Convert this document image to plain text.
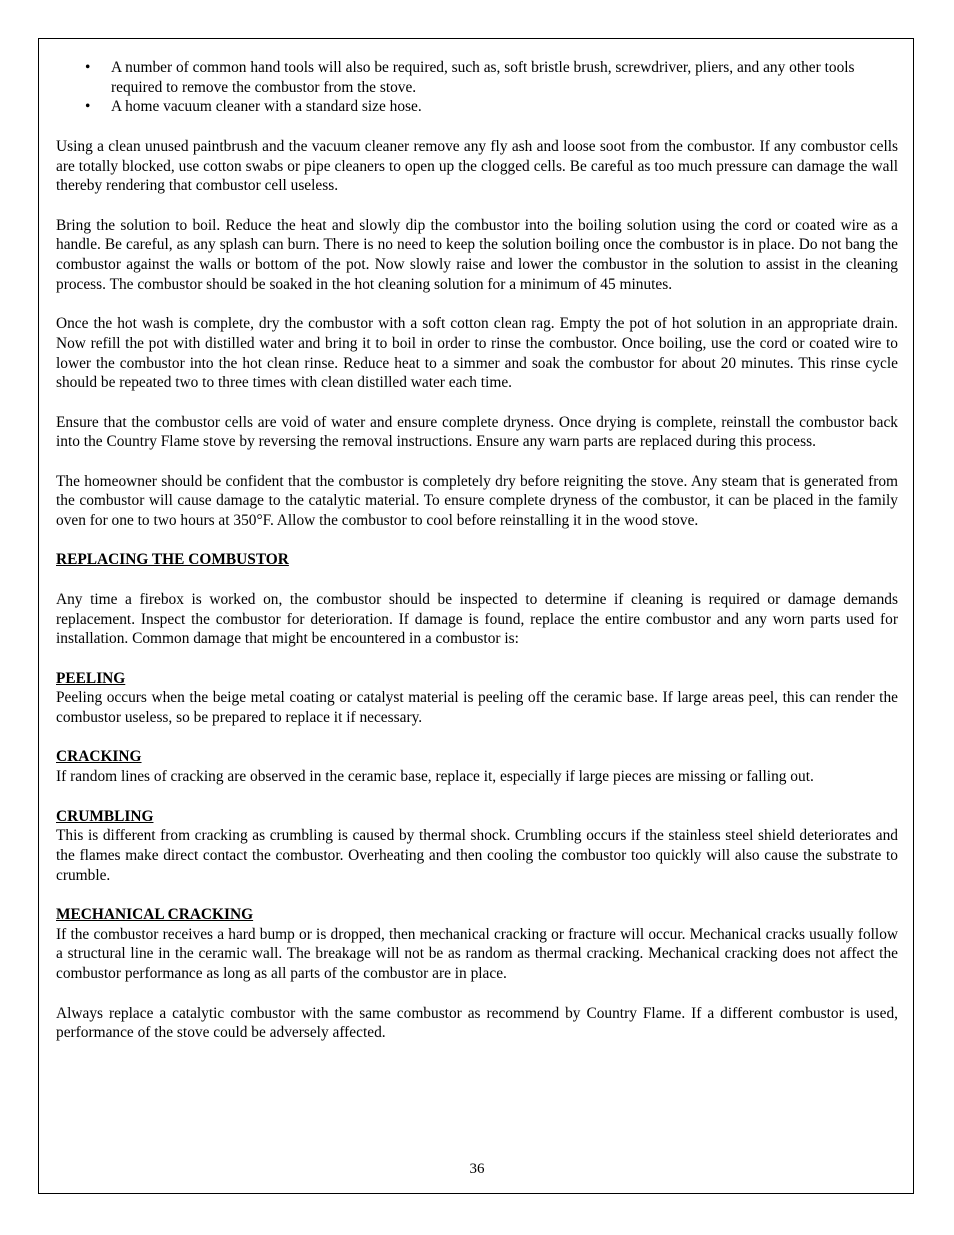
• A number of common hand tools will also be required, such as, soft bristle brush, screwdriver, pliers, and any other tools required to remove the combustor from the stove.
• A home vacuum cleaner with a standard size hose.

Using a clean unused paintbrush and the vacuum cleaner remove any fly ash and loose soot from the combustor. If any combustor cells are totally blocked, use cotton swabs or pipe cleaners to open up the clogged cells. Be careful as too much pressure can damage the wall thereby rendering that combustor cell useless.

Bring the solution to boil. Reduce the heat and slowly dip the combustor into the boiling solution using the cord or coated wire as a handle. Be careful, as any splash can burn. There is no need to keep the solution boiling once the combustor is in place. Do not bang the combustor against the walls or bottom of the pot. Now slowly raise and lower the combustor in the solution to assist in the cleaning process. The combustor should be soaked in the hot cleaning solution for a minimum of 45 minutes.

Once the hot wash is complete, dry the combustor with a soft cotton clean rag. Empty the pot of hot solution in an appropriate drain. Now refill the pot with distilled water and bring it to boil in order to rinse the combustor. Once boiling, use the cord or coated wire to lower the combustor into the hot clean rinse. Reduce heat to a simmer and soak the combustor for about 20 minutes. This rinse cycle should be repeated two to three times with clean distilled water each time.

Ensure that the combustor cells are void of water and ensure complete dryness. Once drying is complete, reinstall the combustor back into the Country Flame stove by reversing the removal instructions. Ensure any warn parts are replaced during this process.

The homeowner should be confident that the combustor is completely dry before reigniting the stove. Any steam that is generated from the combustor will cause damage to the catalytic material. To ensure complete dryness of the combustor, it can be placed in the family oven for one to two hours at 350°F. Allow the combustor to cool before reinstalling it in the wood stove.

REPLACING THE COMBUSTOR

Any time a firebox is worked on, the combustor should be inspected to determine if cleaning is required or damage demands replacement. Inspect the combustor for deterioration. If damage is found, replace the entire combustor and any worn parts used for installation. Common damage that might be encountered in a combustor is:

PEELING

Peeling occurs when the beige metal coating or catalyst material is peeling off the ceramic base. If large areas peel, this can render the combustor useless, so be prepared to replace it if necessary.

CRACKING

If random lines of cracking are observed in the ceramic base, replace it, especially if large pieces are missing or falling out.

CRUMBLING

This is different from cracking as crumbling is caused by thermal shock. Crumbling occurs if the stainless steel shield deteriorates and the flames make direct contact the combustor. Overheating and then cooling the combustor too quickly will also cause the substrate to crumble.

MECHANICAL CRACKING

If the combustor receives a hard bump or is dropped, then mechanical cracking or fracture will occur. Mechanical cracks usually follow a structural line in the ceramic wall. The breakage will not be as random as thermal cracking. Mechanical cracking does not affect the combustor performance as long as all parts of the combustor are in place.

Always replace a catalytic combustor with the same combustor as recommend by Country Flame. If a different combustor is used, performance of the stove could be adversely affected.

36
